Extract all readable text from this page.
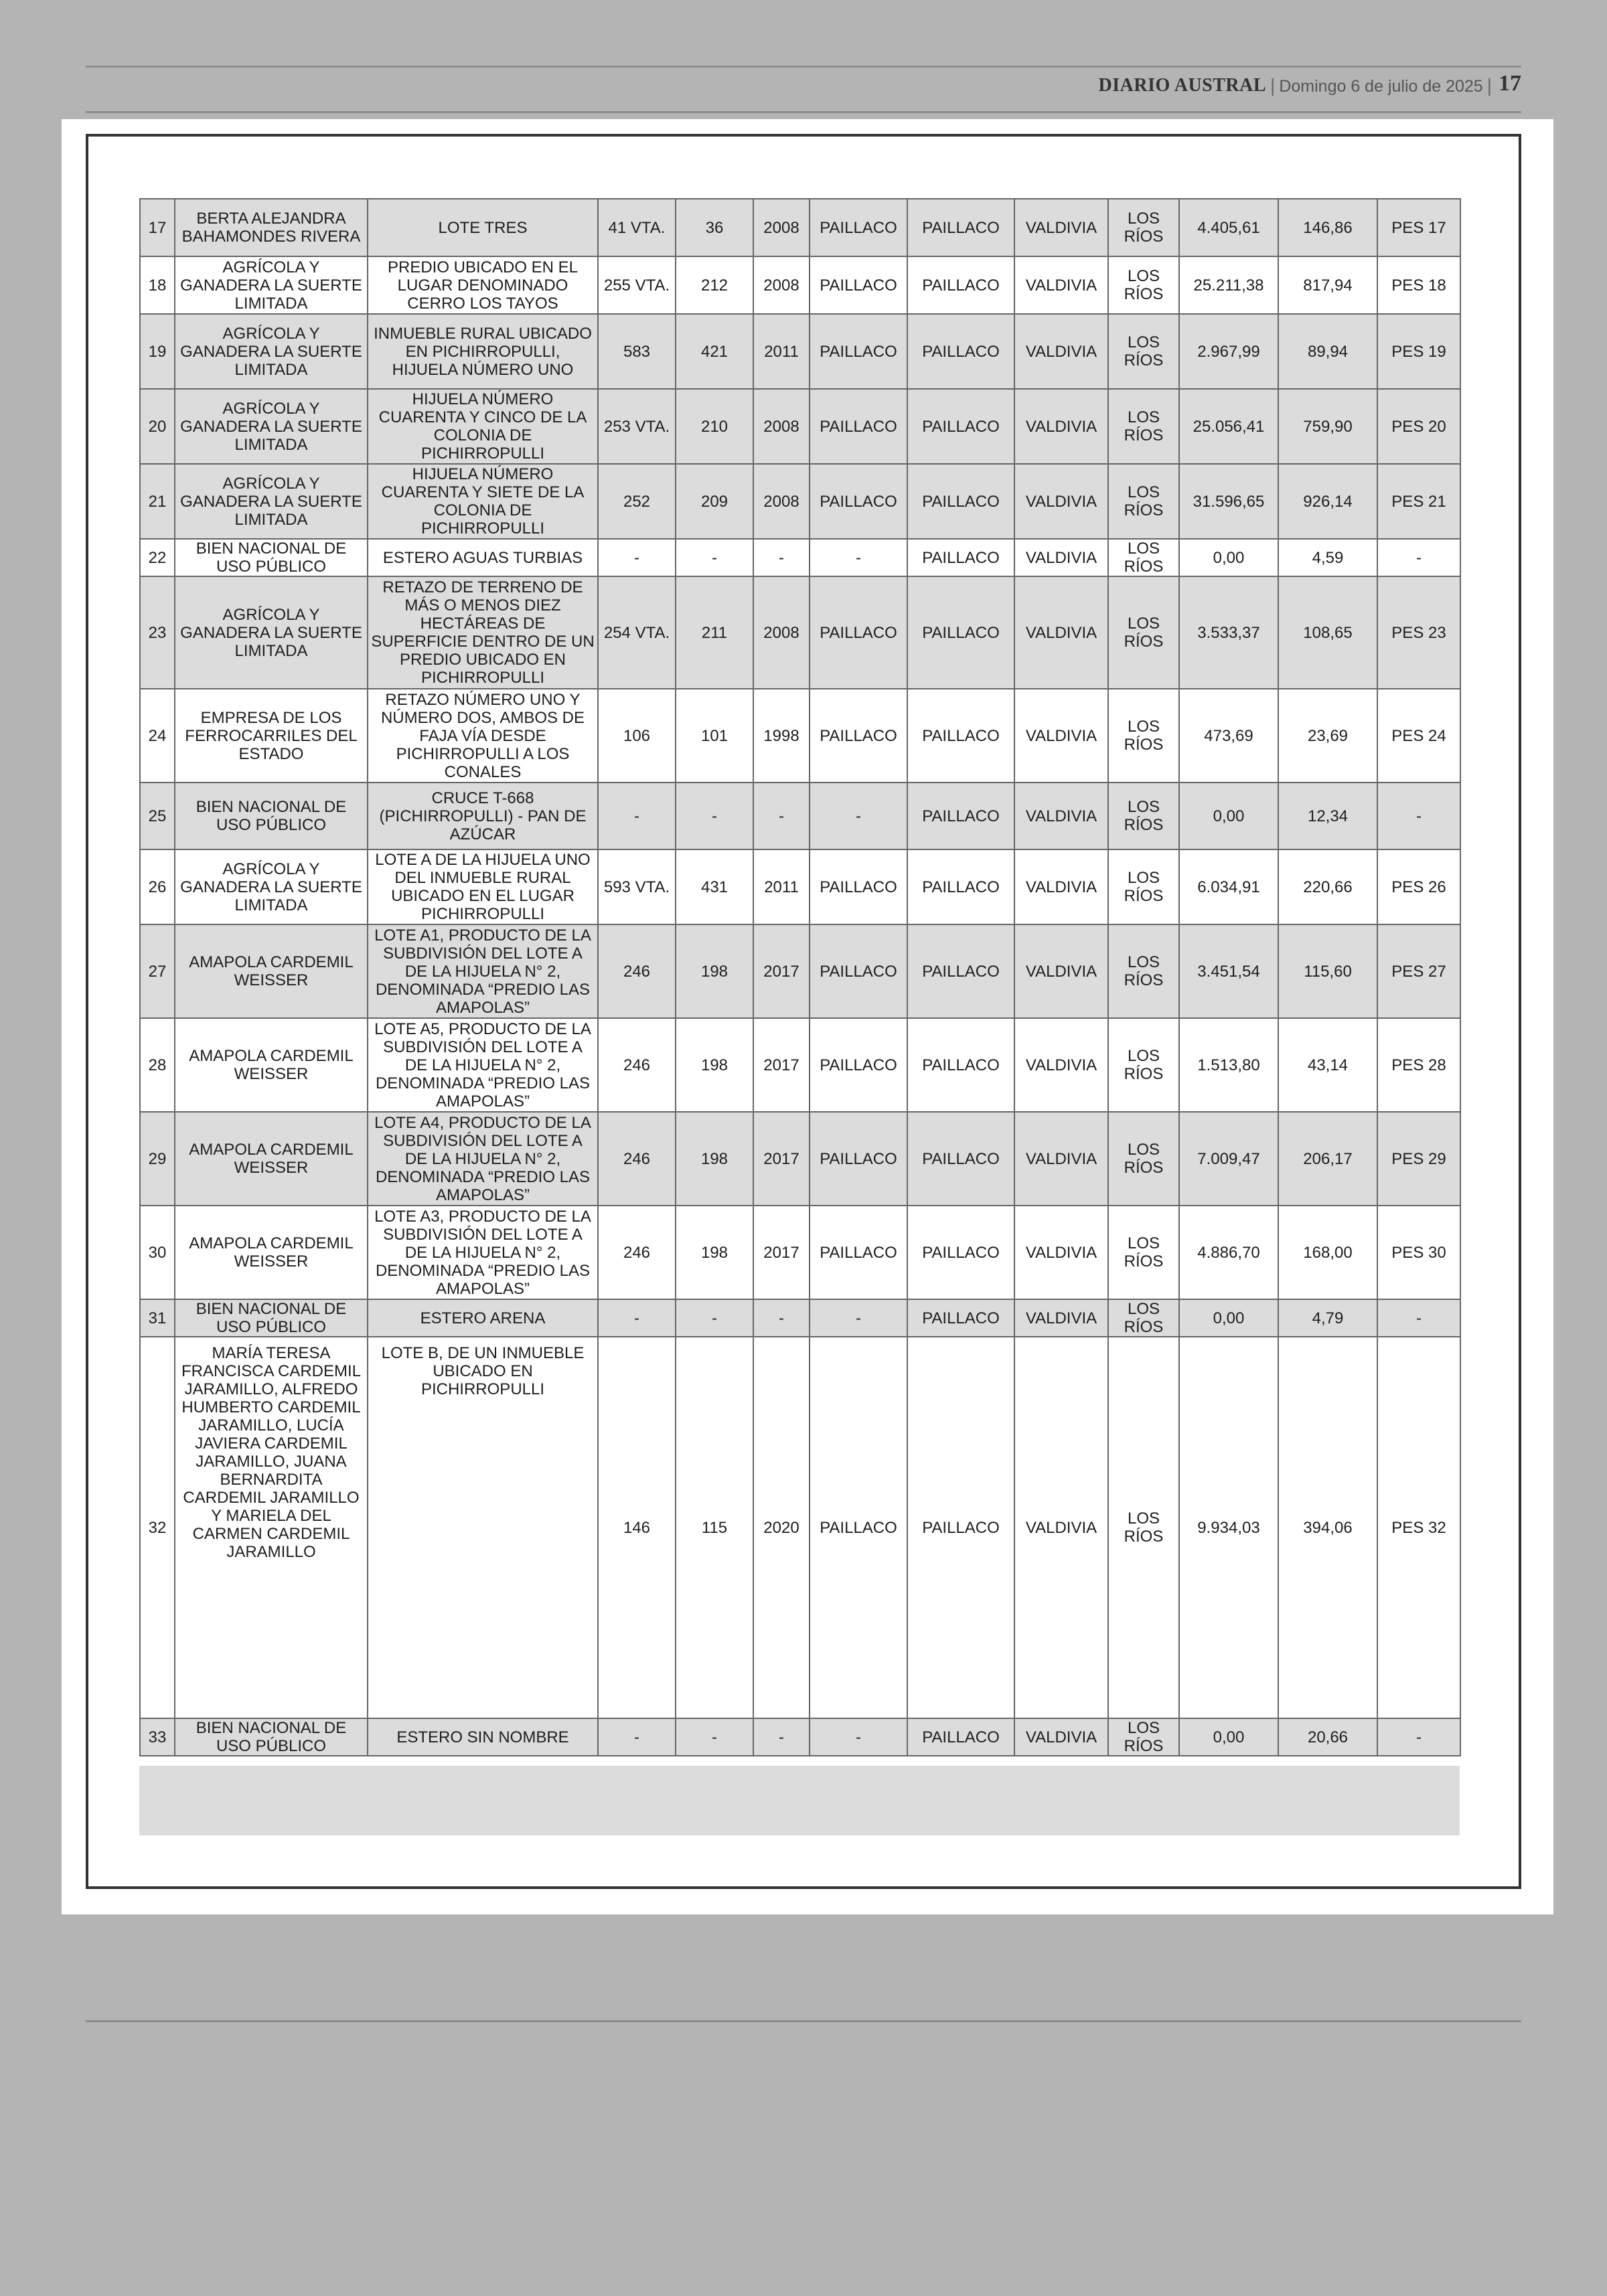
DIARIO AUSTRAL | Domingo 6 de julio de 2025 | 17
17	BERTA ALEJANDRA BAHAMONDES RIVERA	LOTE TRES	41 VTA.	36	2008	PAILLACO	PAILLACO	VALDIVIA	LOS RÍOS	4.405,61	146,86	PES 17
18	AGRÍCOLA Y GANADERA LA SUERTE LIMITADA	PREDIO UBICADO EN EL LUGAR DENOMINADO CERRO LOS TAYOS	255 VTA.	212	2008	PAILLACO	PAILLACO	VALDIVIA	LOS RÍOS	25.211,38	817,94	PES 18
19	AGRÍCOLA Y GANADERA LA SUERTE LIMITADA	INMUEBLE RURAL UBICADO EN PICHIRROPULLI, HIJUELA NÚMERO UNO	583	421	2011	PAILLACO	PAILLACO	VALDIVIA	LOS RÍOS	2.967,99	89,94	PES 19
20	AGRÍCOLA Y GANADERA LA SUERTE LIMITADA	HIJUELA NÚMERO CUARENTA Y CINCO DE LA COLONIA DE PICHIRROPULLI	253 VTA.	210	2008	PAILLACO	PAILLACO	VALDIVIA	LOS RÍOS	25.056,41	759,90	PES 20
21	AGRÍCOLA Y GANADERA LA SUERTE LIMITADA	HIJUELA NÚMERO CUARENTA Y SIETE DE LA COLONIA DE PICHIRROPULLI	252	209	2008	PAILLACO	PAILLACO	VALDIVIA	LOS RÍOS	31.596,65	926,14	PES 21
22	BIEN NACIONAL DE USO PÚBLICO	ESTERO AGUAS TURBIAS	-	-	-	-	PAILLACO	VALDIVIA	LOS RÍOS	0,00	4,59	-
23	AGRÍCOLA Y GANADERA LA SUERTE LIMITADA	RETAZO DE TERRENO DE MÁS O MENOS DIEZ HECTÁREAS DE SUPERFICIE DENTRO DE UN PREDIO UBICADO EN PICHIRROPULLI	254 VTA.	211	2008	PAILLACO	PAILLACO	VALDIVIA	LOS RÍOS	3.533,37	108,65	PES 23
24	EMPRESA DE LOS FERROCARRILES DEL ESTADO	RETAZO NÚMERO UNO Y NÚMERO DOS, AMBOS DE FAJA VÍA DESDE PICHIRROPULLI A LOS CONALES	106	101	1998	PAILLACO	PAILLACO	VALDIVIA	LOS RÍOS	473,69	23,69	PES 24
25	BIEN NACIONAL DE USO PÚBLICO	CRUCE T-668 (PICHIRROPULLI) - PAN DE AZÚCAR	-	-	-	-	PAILLACO	VALDIVIA	LOS RÍOS	0,00	12,34	-
26	AGRÍCOLA Y GANADERA LA SUERTE LIMITADA	LOTE A DE LA HIJUELA UNO DEL INMUEBLE RURAL UBICADO EN EL LUGAR PICHIRROPULLI	593 VTA.	431	2011	PAILLACO	PAILLACO	VALDIVIA	LOS RÍOS	6.034,91	220,66	PES 26
27	AMAPOLA CARDEMIL WEISSER	LOTE A1, PRODUCTO DE LA SUBDIVISIÓN DEL LOTE A DE LA HIJUELA N° 2, DENOMINADA “PREDIO LAS AMAPOLAS”	246	198	2017	PAILLACO	PAILLACO	VALDIVIA	LOS RÍOS	3.451,54	115,60	PES 27
28	AMAPOLA CARDEMIL WEISSER	LOTE A5, PRODUCTO DE LA SUBDIVISIÓN DEL LOTE A DE LA HIJUELA N° 2, DENOMINADA “PREDIO LAS AMAPOLAS”	246	198	2017	PAILLACO	PAILLACO	VALDIVIA	LOS RÍOS	1.513,80	43,14	PES 28
29	AMAPOLA CARDEMIL WEISSER	LOTE A4, PRODUCTO DE LA SUBDIVISIÓN DEL LOTE A DE LA HIJUELA N° 2, DENOMINADA “PREDIO LAS AMAPOLAS”	246	198	2017	PAILLACO	PAILLACO	VALDIVIA	LOS RÍOS	7.009,47	206,17	PES 29
30	AMAPOLA CARDEMIL WEISSER	LOTE A3, PRODUCTO DE LA SUBDIVISIÓN DEL LOTE A DE LA HIJUELA N° 2, DENOMINADA “PREDIO LAS AMAPOLAS”	246	198	2017	PAILLACO	PAILLACO	VALDIVIA	LOS RÍOS	4.886,70	168,00	PES 30
31	BIEN NACIONAL DE USO PÚBLICO	ESTERO ARENA	-	-	-	-	PAILLACO	VALDIVIA	LOS RÍOS	0,00	4,79	-
32	MARÍA TERESA FRANCISCA CARDEMIL JARAMILLO, ALFREDO HUMBERTO CARDEMIL JARAMILLO, LUCÍA JAVIERA CARDEMIL JARAMILLO, JUANA BERNARDITA CARDEMIL JARAMILLO Y MARIELA DEL CARMEN CARDEMIL JARAMILLO	LOTE B, DE UN INMUEBLE UBICADO EN PICHIRROPULLI	146	115	2020	PAILLACO	PAILLACO	VALDIVIA	LOS RÍOS	9.934,03	394,06	PES 32
33	BIEN NACIONAL DE USO PÚBLICO	ESTERO SIN NOMBRE	-	-	-	-	PAILLACO	VALDIVIA	LOS RÍOS	0,00	20,66	-
